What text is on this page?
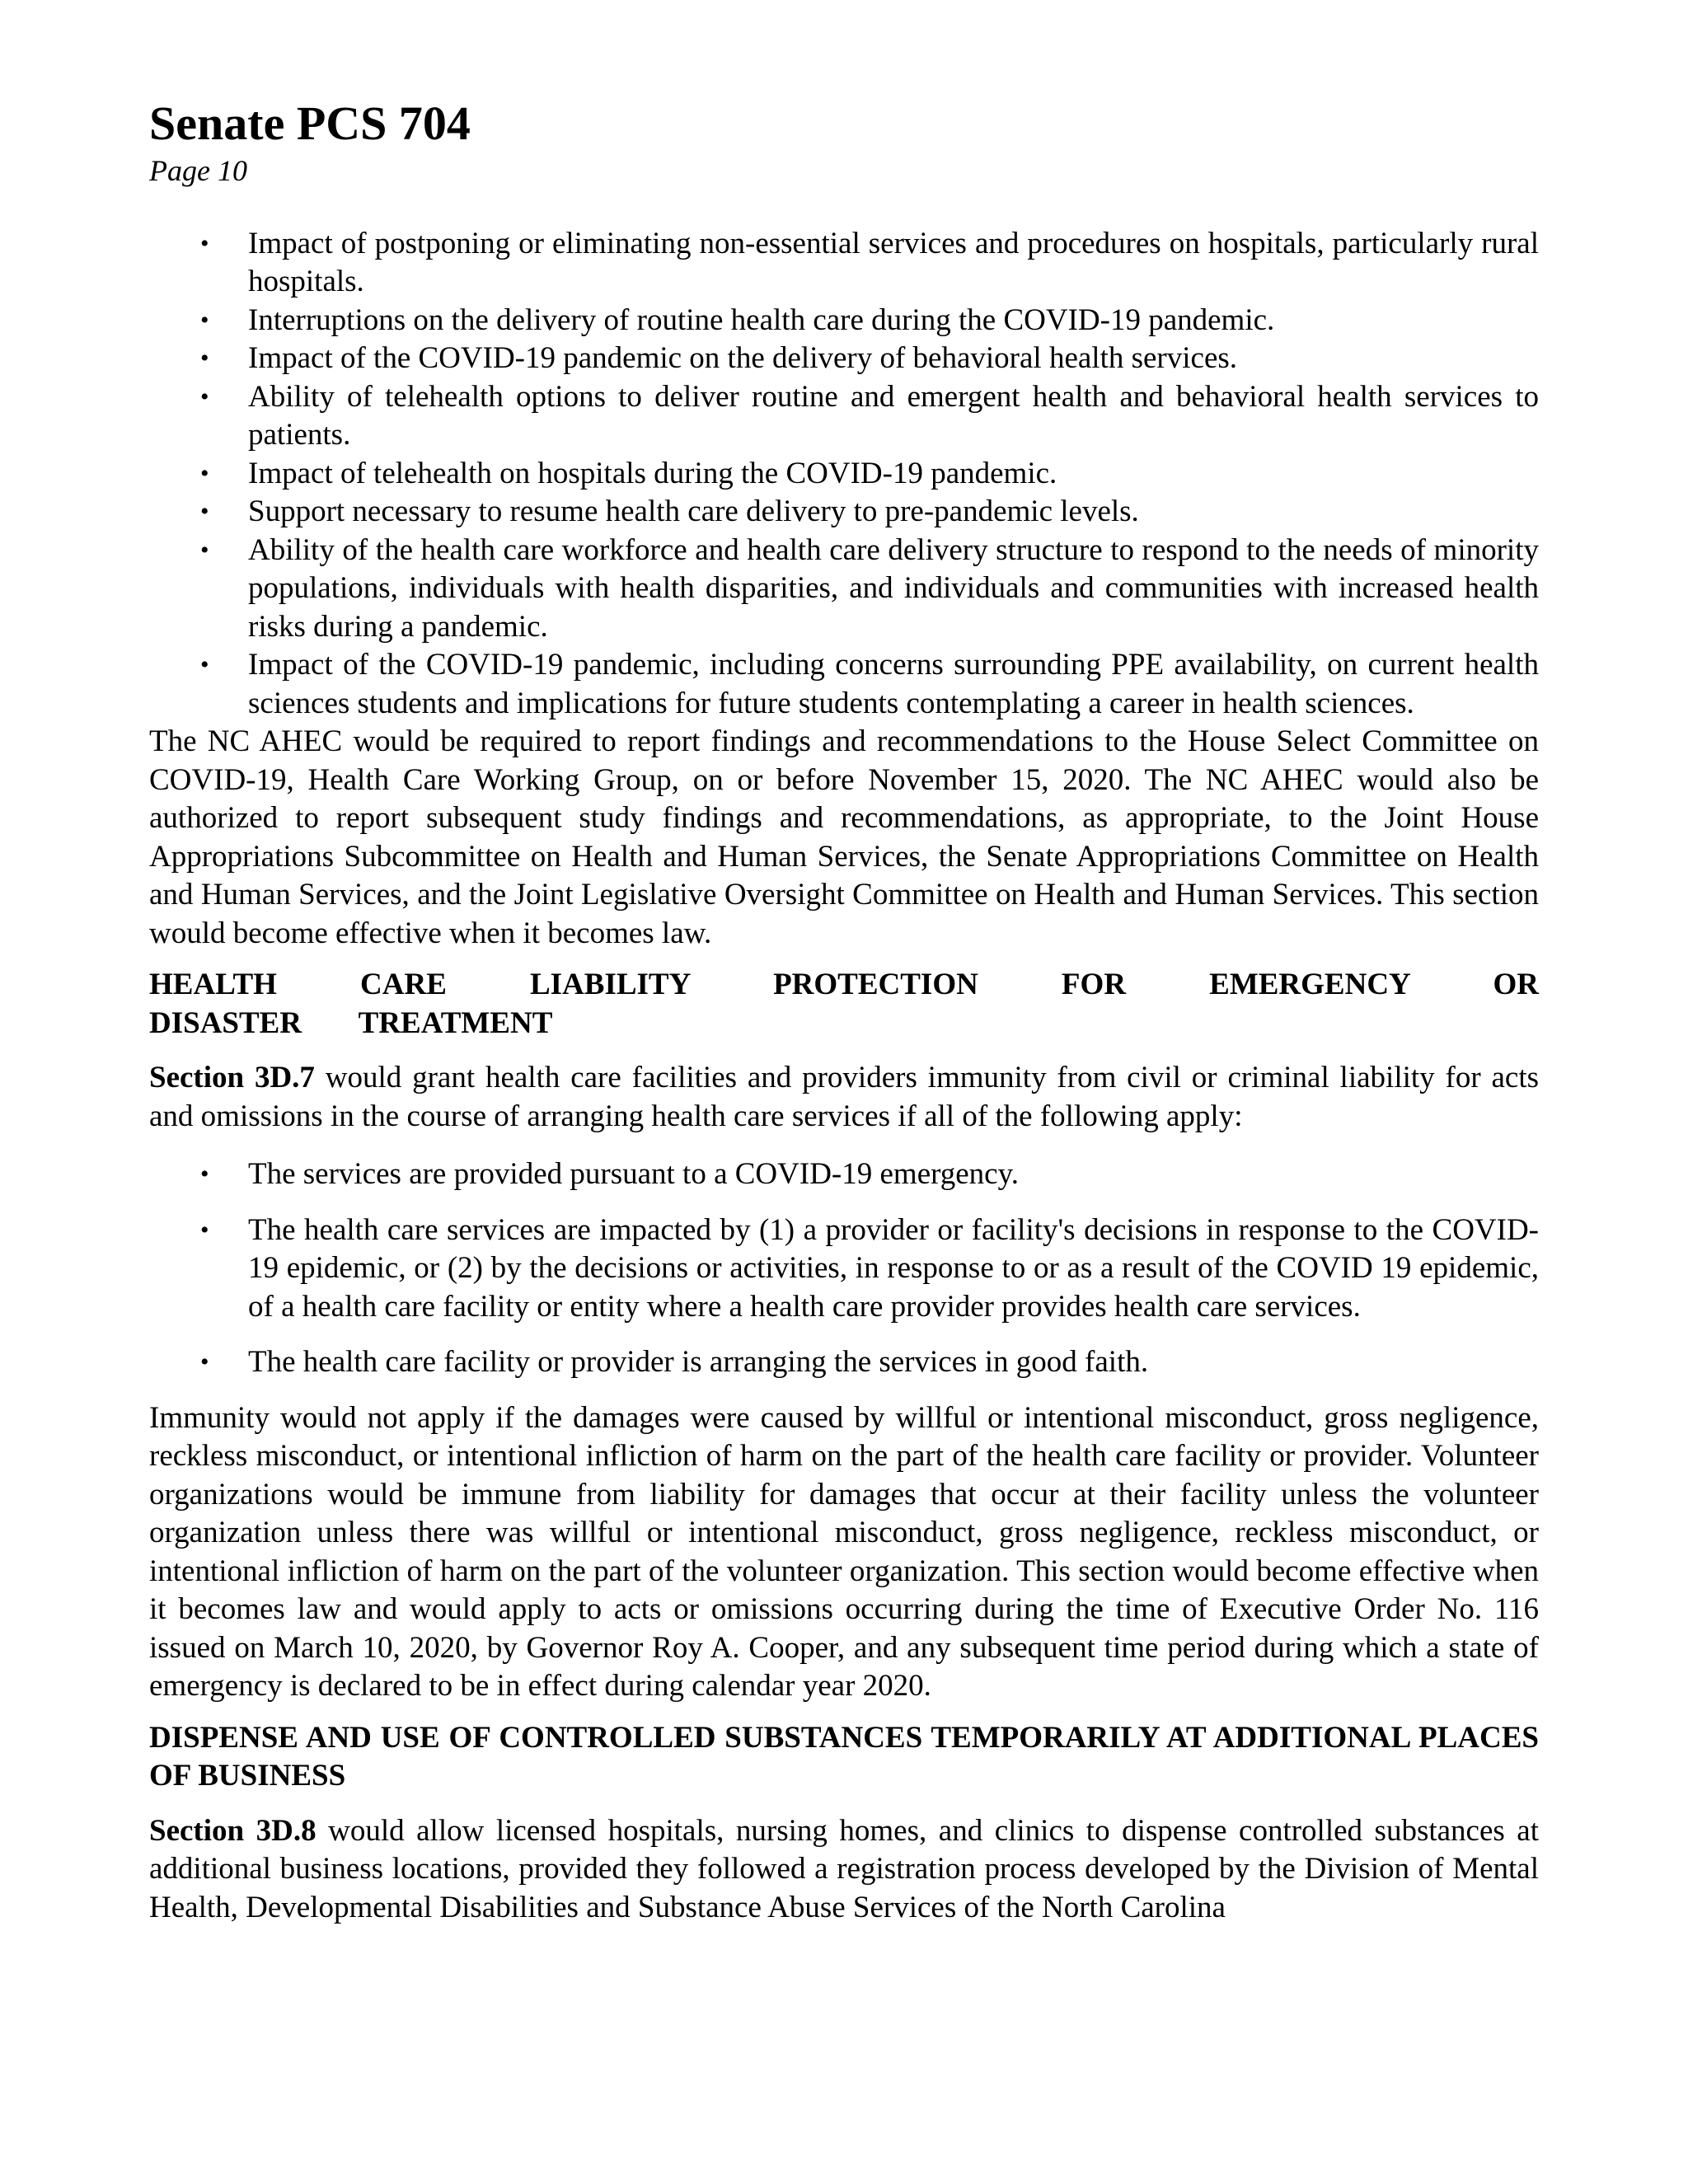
Senate PCS 704
Page 10
• Impact of postponing or eliminating non-essential services and procedures on hospitals, particularly rural hospitals.
• Interruptions on the delivery of routine health care during the COVID-19 pandemic.
• Impact of the COVID-19 pandemic on the delivery of behavioral health services.
• Ability of telehealth options to deliver routine and emergent health and behavioral health services to patients.
• Impact of telehealth on hospitals during the COVID-19 pandemic.
• Support necessary to resume health care delivery to pre-pandemic levels.
• Ability of the health care workforce and health care delivery structure to respond to the needs of minority populations, individuals with health disparities, and individuals and communities with increased health risks during a pandemic.
• Impact of the COVID-19 pandemic, including concerns surrounding PPE availability, on current health sciences students and implications for future students contemplating a career in health sciences.

The NC AHEC would be required to report findings and recommendations to the House Select Committee on COVID-19, Health Care Working Group, on or before November 15, 2020. The NC AHEC would also be authorized to report subsequent study findings and recommendations, as appropriate, to the Joint House Appropriations Subcommittee on Health and Human Services, the Senate Appropriations Committee on Health and Human Services, and the Joint Legislative Oversight Committee on Health and Human Services. This section would become effective when it becomes law.

HEALTH CARE LIABILITY PROTECTION FOR EMERGENCY OR DISASTER TREATMENT

Section 3D.7 would grant health care facilities and providers immunity from civil or criminal liability for acts and omissions in the course of arranging health care services if all of the following apply:

• The services are provided pursuant to a COVID-19 emergency.
• The health care services are impacted by (1) a provider or facility's decisions in response to the COVID-19 epidemic, or (2) by the decisions or activities, in response to or as a result of the COVID 19 epidemic, of a health care facility or entity where a health care provider provides health care services.
• The health care facility or provider is arranging the services in good faith.

Immunity would not apply if the damages were caused by willful or intentional misconduct, gross negligence, reckless misconduct, or intentional infliction of harm on the part of the health care facility or provider. Volunteer organizations would be immune from liability for damages that occur at their facility unless the volunteer organization unless there was willful or intentional misconduct, gross negligence, reckless misconduct, or intentional infliction of harm on the part of the volunteer organization. This section would become effective when it becomes law and would apply to acts or omissions occurring during the time of Executive Order No. 116 issued on March 10, 2020, by Governor Roy A. Cooper, and any subsequent time period during which a state of emergency is declared to be in effect during calendar year 2020.

DISPENSE AND USE OF CONTROLLED SUBSTANCES TEMPORARILY AT ADDITIONAL PLACES OF BUSINESS

Section 3D.8 would allow licensed hospitals, nursing homes, and clinics to dispense controlled substances at additional business locations, provided they followed a registration process developed by the Division of Mental Health, Developmental Disabilities and Substance Abuse Services of the North Carolina
